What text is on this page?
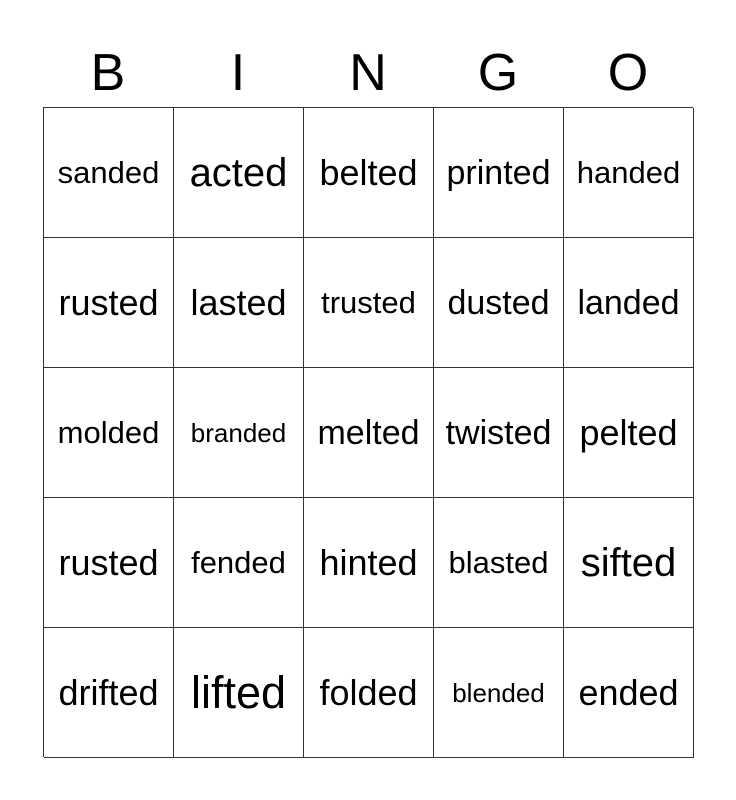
B	I	N	G	O
sanded acted belted printed handed
rusted lasted	trusted dusted landed
molded	branded melted twisted pelted
rusted	fended hinted blasted sifted
drifted lifted folded	blended ended
